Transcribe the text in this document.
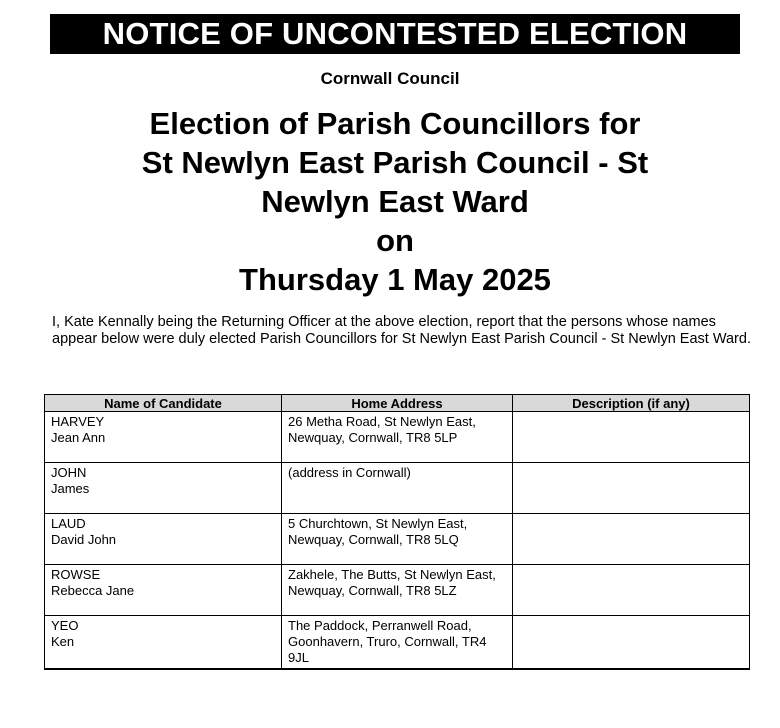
NOTICE OF UNCONTESTED ELECTION
Cornwall Council
Election of Parish Councillors for
St Newlyn East Parish Council - St
Newlyn East Ward
on
Thursday 1 May 2025
I, Kate Kennally being the Returning Officer at the above election, report that the persons whose names appear below were duly elected Parish Councillors for St Newlyn East Parish Council - St Newlyn East Ward.
Name of Candidate	Home Address	Description (if any)

HARVEY
Jean Ann	26 Metha Road, St Newlyn East, Newquay, Cornwall, TR8 5LP	

JOHN
James	(address in Cornwall)	

LAUD
David John	5 Churchtown, St Newlyn East, Newquay, Cornwall, TR8 5LQ	

ROWSE
Rebecca Jane	Zakhele, The Butts, St Newlyn East, Newquay, Cornwall, TR8 5LZ	

YEO
Ken	The Paddock, Perranwell Road, Goonhavern, Truro, Cornwall, TR4 9JL	
